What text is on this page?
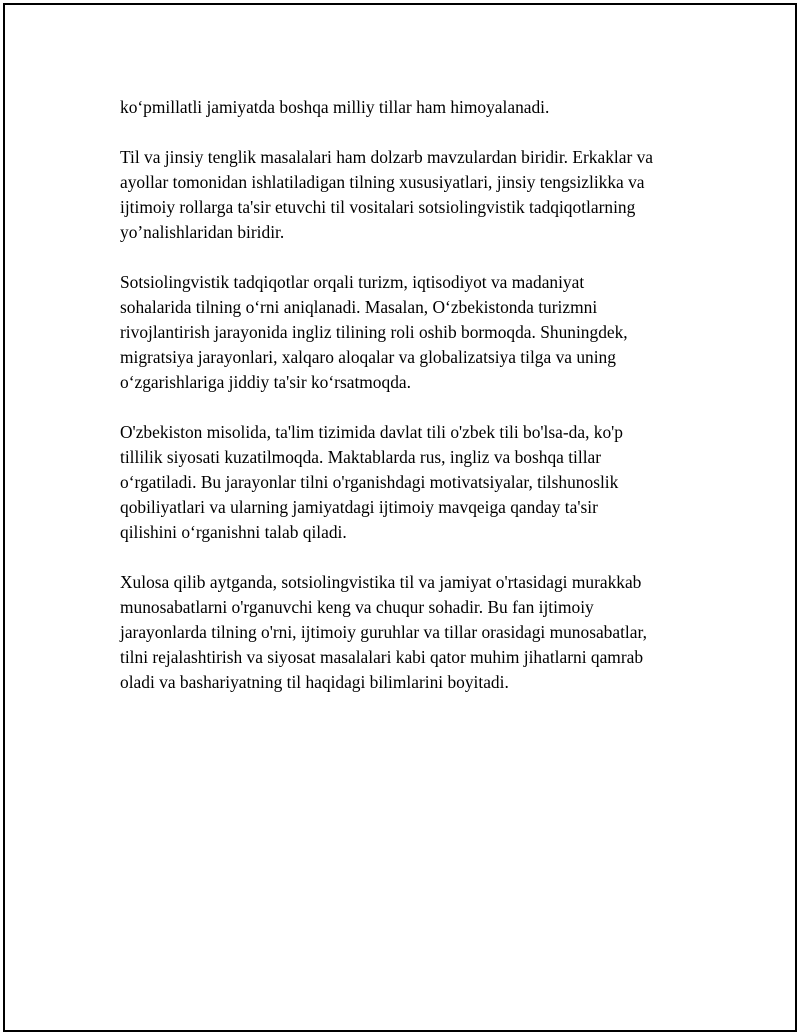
ko‘pmillatli jamiyatda boshqa milliy tillar ham himoyalanadi.

Til va jinsiy tenglik masalalari ham dolzarb mavzulardan biridir. Erkaklar va
ayollar tomonidan ishlatiladigan tilning xususiyatlari, jinsiy tengsizlikka va
ijtimoiy rollarga ta'sir etuvchi til vositalari sotsiolingvistik tadqiqotlarning
yo’nalishlaridan biridir.

Sotsiolingvistik tadqiqotlar orqali turizm, iqtisodiyot va madaniyat
sohalarida tilning o‘rni aniqlanadi. Masalan, O‘zbekistonda turizmni
rivojlantirish jarayonida ingliz tilining roli oshib bormoqda. Shuningdek,
migratsiya jarayonlari, xalqaro aloqalar va globalizatsiya tilga va uning
o‘zgarishlariga jiddiy ta'sir ko‘rsatmoqda.

O'zbekiston misolida, ta'lim tizimida davlat tili o'zbek tili bo'lsa-da, ko'p
tillilik siyosati kuzatilmoqda. Maktablarda rus, ingliz va boshqa tillar
o‘rgatiladi. Bu jarayonlar tilni o'rganishdagi motivatsiyalar, tilshunoslik
qobiliyatlari va ularning jamiyatdagi ijtimoiy mavqeiga qanday ta'sir
qilishini o‘rganishni talab qiladi.

Xulosa qilib aytganda, sotsiolingvistika til va jamiyat o'rtasidagi murakkab
munosabatlarni o'rganuvchi keng va chuqur sohadir. Bu fan ijtimoiy
jarayonlarda tilning o'rni, ijtimoiy guruhlar va tillar orasidagi munosabatlar,
tilni rejalashtirish va siyosat masalalari kabi qator muhim jihatlarni qamrab
oladi va bashariyatning til haqidagi bilimlarini boyitadi.
